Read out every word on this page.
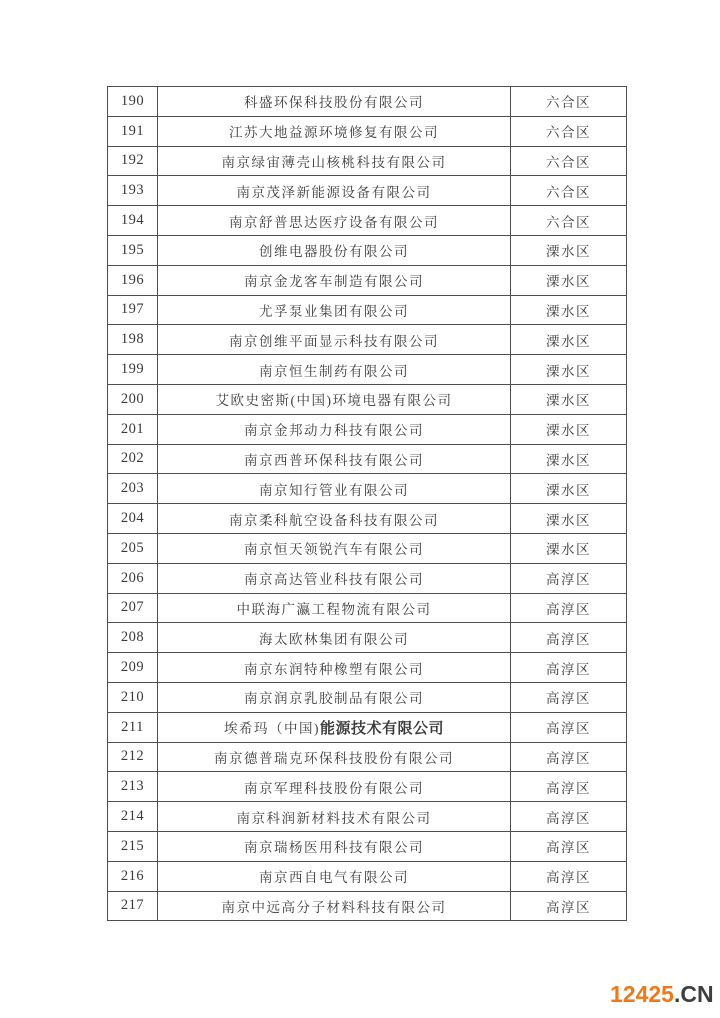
190	科盛环保科技股份有限公司	六合区
191	江苏大地益源环境修复有限公司	六合区
192	南京绿宙薄壳山核桃科技有限公司	六合区
193	南京茂泽新能源设备有限公司	六合区
194	南京舒普思达医疗设备有限公司	六合区
195	创维电器股份有限公司	溧水区
196	南京金龙客车制造有限公司	溧水区
197	尤孚泵业集团有限公司	溧水区
198	南京创维平面显示科技有限公司	溧水区
199	南京恒生制药有限公司	溧水区
200	艾欧史密斯(中国)环境电器有限公司	溧水区
201	南京金邦动力科技有限公司	溧水区
202	南京西普环保科技有限公司	溧水区
203	南京知行管业有限公司	溧水区
204	南京柔科航空设备科技有限公司	溧水区
205	南京恒天领锐汽车有限公司	溧水区
206	南京高达管业科技有限公司	高淳区
207	中联海广瀛工程物流有限公司	高淳区
208	海太欧林集团有限公司	高淳区
209	南京东润特种橡塑有限公司	高淳区
210	南京润京乳胶制品有限公司	高淳区
211	埃希玛（中国)能源技术有限公司	高淳区
212	南京德普瑞克环保科技股份有限公司	高淳区
213	南京军理科技股份有限公司	高淳区
214	南京科润新材料技术有限公司	高淳区
215	南京瑞杨医用科技有限公司	高淳区
216	南京西自电气有限公司	高淳区
217	南京中远高分子材料科技有限公司	高淳区
12425.CN
